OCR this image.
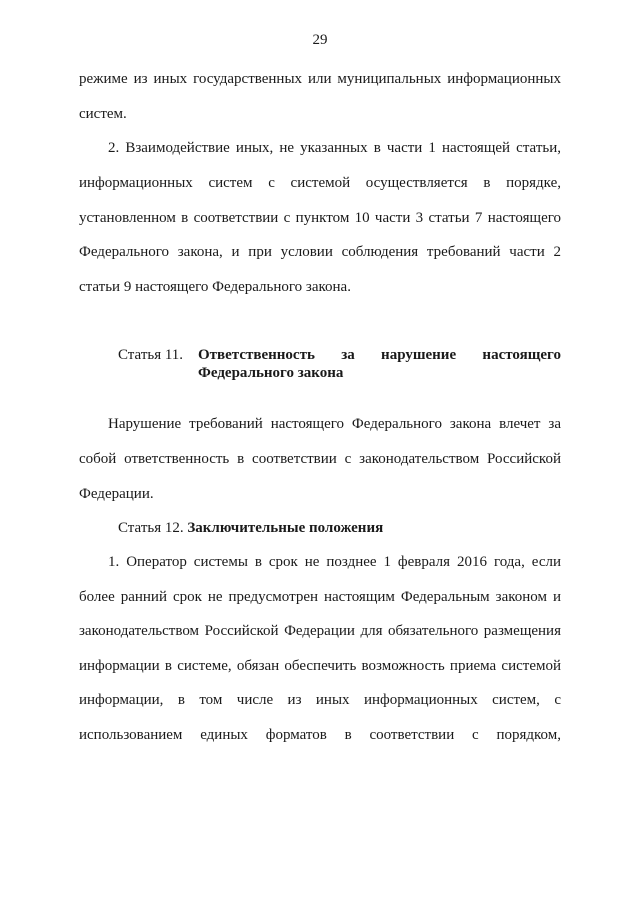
29
режиме из иных государственных или муниципальных информационных
систем.
2. Взаимодействие иных, не указанных в части 1 настоящей статьи,
информационных систем с системой осуществляется в порядке,
установленном в соответствии с пунктом 10 части 3 статьи 7 настоящего
Федерального закона, и при условии соблюдения требований части 2
статьи 9 настоящего Федерального закона.
Статья 11. Ответственность за нарушение настоящего
Федерального закона
Нарушение требований настоящего Федерального закона влечет за
собой ответственность в соответствии с законодательством Российской
Федерации.
Статья 12. Заключительные положения
1. Оператор системы в срок не позднее 1 февраля 2016 года, если
более ранний срок не предусмотрен настоящим Федеральным законом и
законодательством Российской Федерации для обязательного размещения
информации в системе, обязан обеспечить возможность приема системой
информации, в том числе из иных информационных систем, с
использованием единых форматов в соответствии с порядком,
